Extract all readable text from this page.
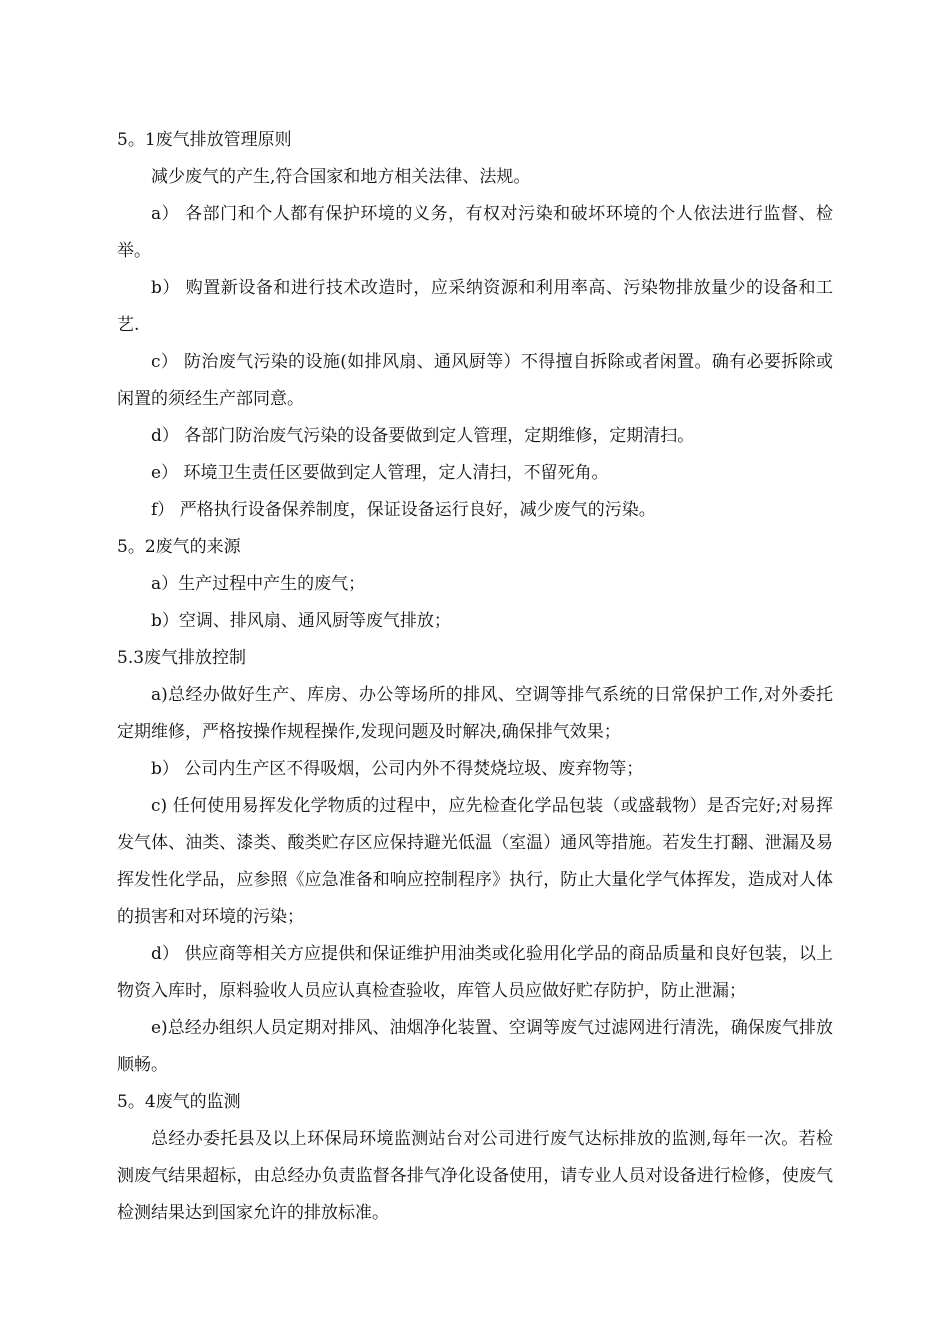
5。1废气排放管理原则

减少废气的产生,符合国家和地方相关法律、法规。

a） 各部门和个人都有保护环境的义务，有权对污染和破坏环境的个人依法进行监督、检举。

b） 购置新设备和进行技术改造时，应采纳资源和利用率高、污染物排放量少的设备和工艺.

c） 防治废气污染的设施(如排风扇、通风厨等）不得擅自拆除或者闲置。确有必要拆除或闲置的须经生产部同意。

d） 各部门防治废气污染的设备要做到定人管理，定期维修，定期清扫。

e） 环境卫生责任区要做到定人管理，定人清扫，不留死角。

f） 严格执行设备保养制度，保证设备运行良好，减少废气的污染。

5。2废气的来源

a）生产过程中产生的废气；

b）空调、排风扇、通风厨等废气排放；

5.3废气排放控制

a)总经办做好生产、库房、办公等场所的排风、空调等排气系统的日常保护工作,对外委托定期维修，严格按操作规程操作,发现问题及时解决,确保排气效果；

b） 公司内生产区不得吸烟，公司内外不得焚烧垃圾、废弃物等；

c) 任何使用易挥发化学物质的过程中，应先检查化学品包装（或盛载物）是否完好;对易挥发气体、油类、漆类、酸类贮存区应保持避光低温（室温）通风等措施。若发生打翻、泄漏及易挥发性化学品，应参照《应急准备和响应控制程序》执行，防止大量化学气体挥发，造成对人体的损害和对环境的污染；

d） 供应商等相关方应提供和保证维护用油类或化验用化学品的商品质量和良好包装，以上物资入库时，原料验收人员应认真检查验收，库管人员应做好贮存防护，防止泄漏；

e)总经办组织人员定期对排风、油烟净化装置、空调等废气过滤网进行清洗，确保废气排放顺畅。

5。4废气的监测

总经办委托县及以上环保局环境监测站台对公司进行废气达标排放的监测,每年一次。若检测废气结果超标，由总经办负责监督各排气净化设备使用，请专业人员对设备进行检修，使废气检测结果达到国家允许的排放标准。
